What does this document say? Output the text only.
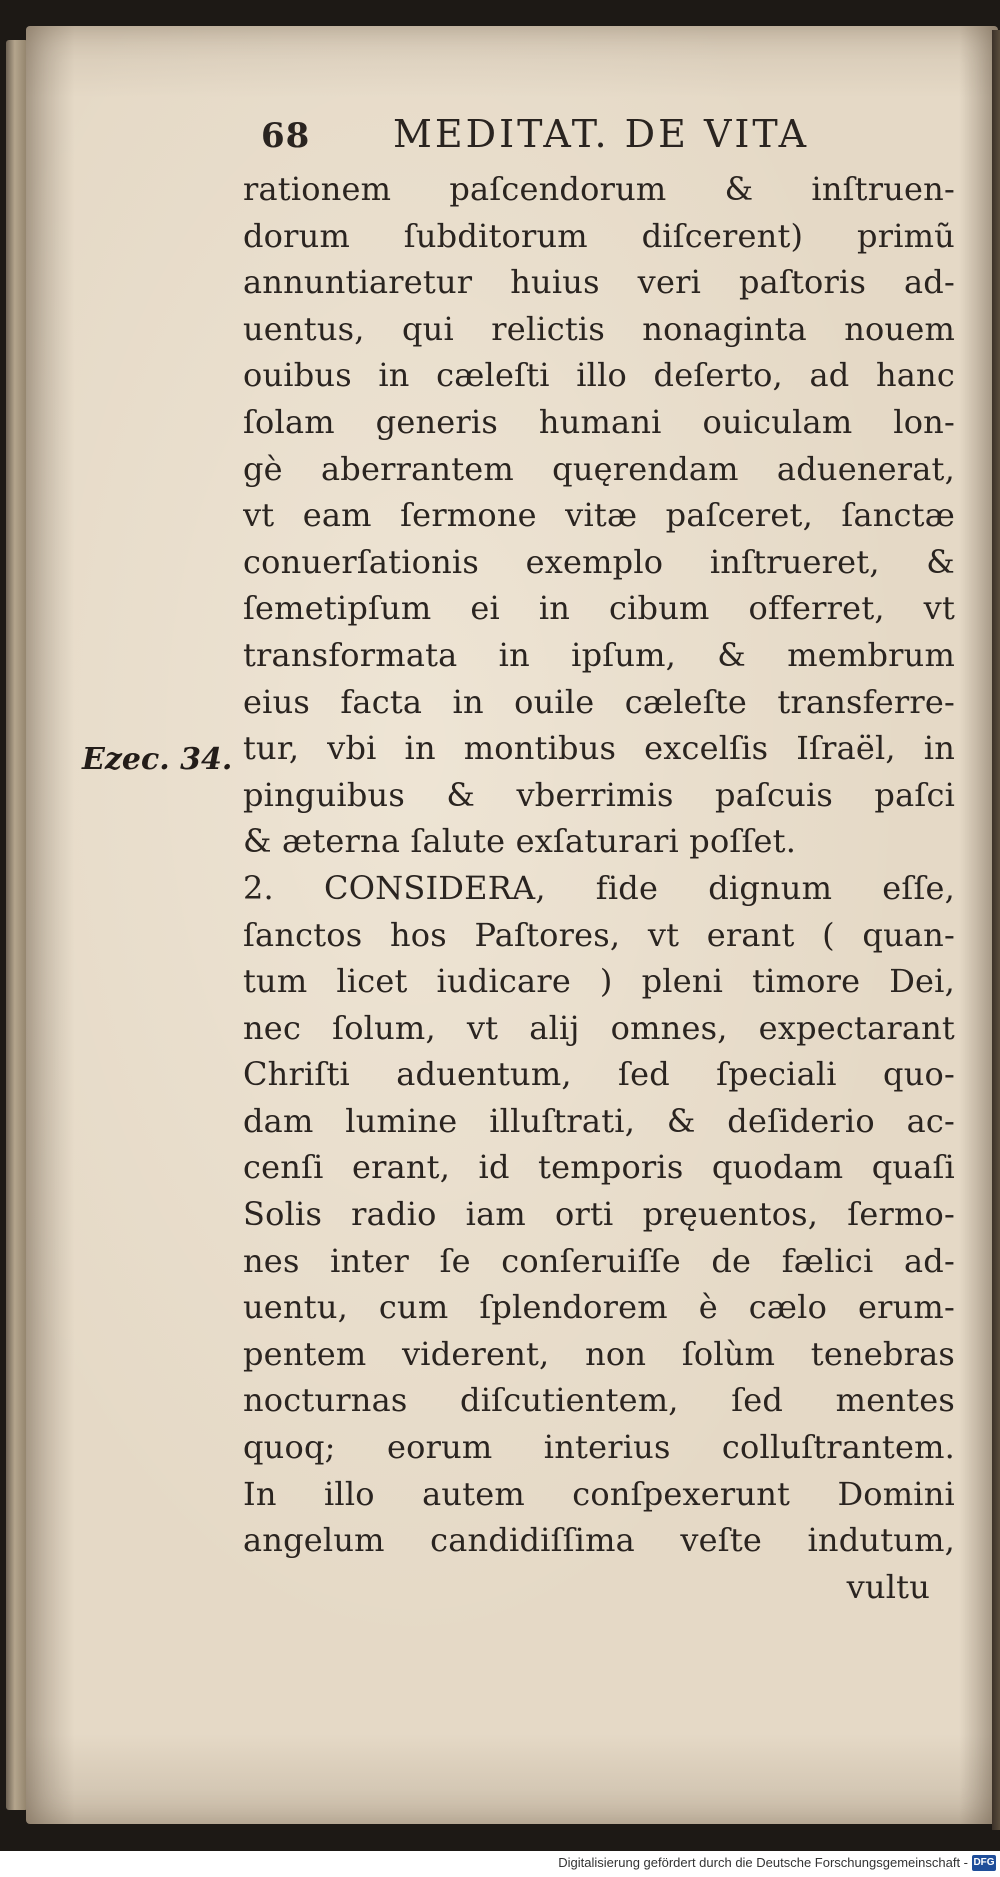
Ezec. 34.
68 MEDITAT. DE VITA
rationem paſcendorum & inſtruen-
dorum ſubditorum diſcerent) primũ
annuntiaretur huius veri paſtoris ad-
uentus, qui relictis nonaginta nouem
ouibus in cæleſti illo deſerto, ad hanc
ſolam generis humani ouiculam lon-
gè aberrantem quęrendam aduenerat,
vt eam ſermone vitæ paſceret, ſanctæ
conuerſationis exemplo inſtrueret, &
ſemetipſum ei in cibum offerret, vt
transformata in ipſum, & membrum
eius facta in ouile cæleſte transferre-
tur, vbi in montibus excelſis Iſraël, in
pinguibus & vberrimis paſcuis paſci
& æterna ſalute exſaturari poſſet.
2. CONSIDERA, fide dignum eſſe,
ſanctos hos Paſtores, vt erant ( quan-
tum licet iudicare ) pleni timore Dei,
nec ſolum, vt alij omnes, expectarant
Chriſti aduentum, ſed ſpeciali quo-
dam lumine illuſtrati, & deſiderio ac-
cenſi erant, id temporis quodam quaſi
Solis radio iam orti pręuentos, ſermo-
nes inter ſe conſeruiſſe de fælici ad-
uentu, cum ſplendorem è cælo erum-
pentem viderent, non ſolùm tenebras
nocturnas diſcutientem, ſed mentes
quoq; eorum interius colluſtrantem.
In illo autem conſpexerunt Domini
angelum candidiſſima veſte indutum,
vultu
Digitalisierung gefördert durch die Deutsche Forschungsgemeinschaft - DFG
